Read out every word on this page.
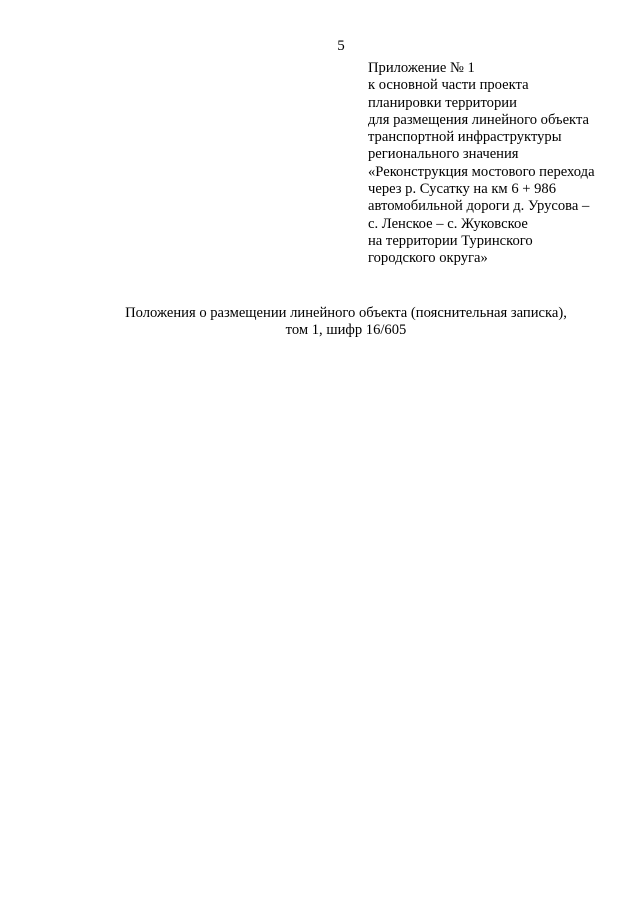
5
Приложение № 1
к основной части проекта
планировки территории
для размещения линейного объекта
транспортной инфраструктуры
регионального значения
«Реконструкция мостового перехода
через р. Сусатку на км 6 + 986
автомобильной дороги д. Урусова –
с. Ленское – с. Жуковское
на территории Туринского
городского округа»
Положения о размещении линейного объекта (пояснительная записка),
том 1, шифр 16/605
